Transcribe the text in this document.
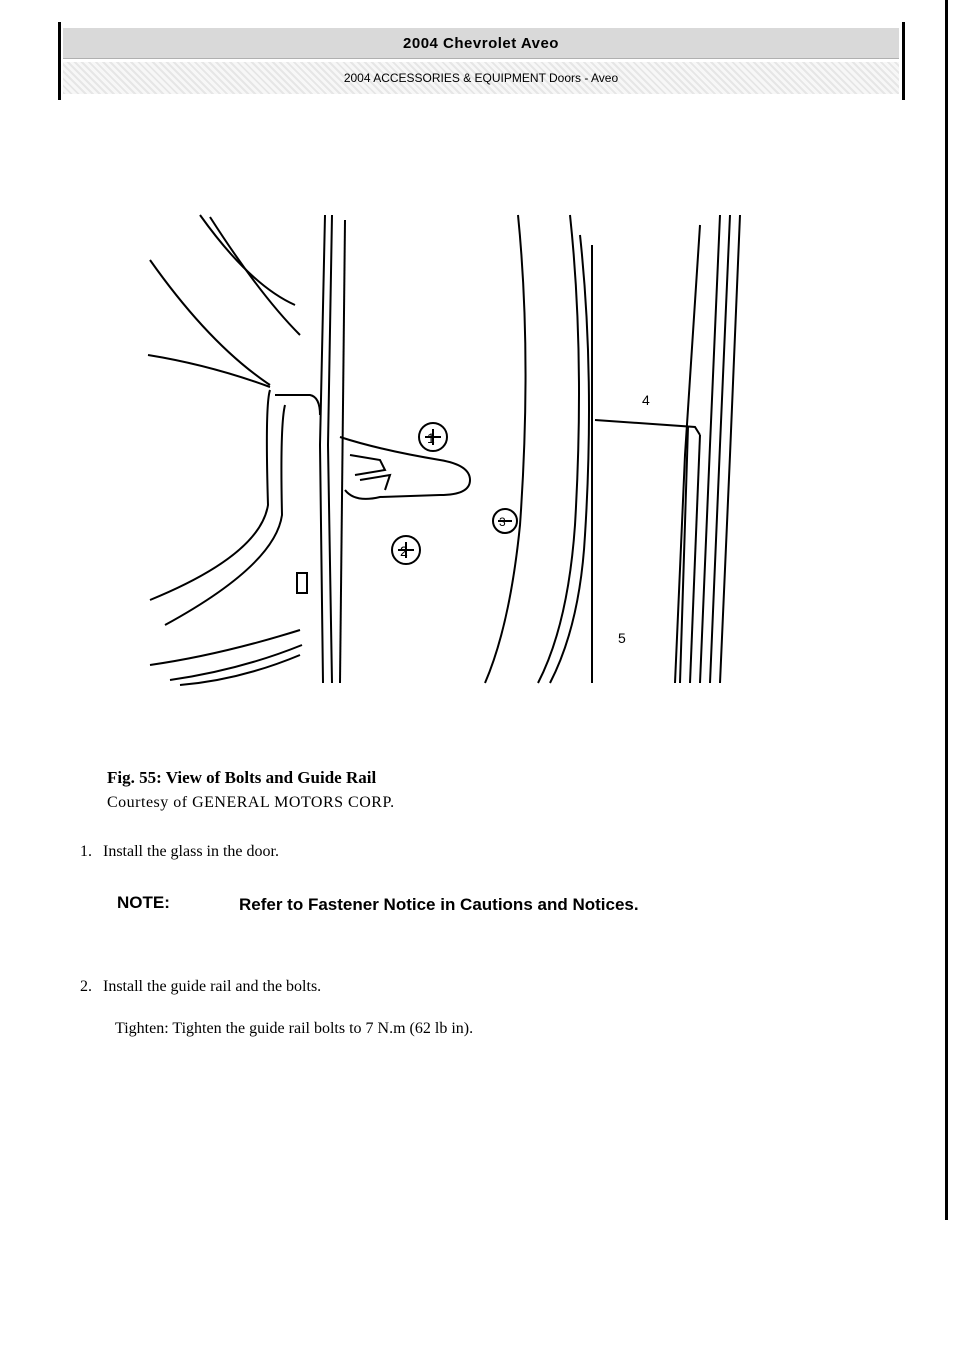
2004 Chevrolet Aveo
2004 ACCESSORIES & EQUIPMENT Doors - Aveo
1
2
3
4
5
Fig. 55: View of Bolts and Guide Rail
Courtesy of GENERAL MOTORS CORP.
1. Install the glass in the door.
NOTE:	Refer to Fastener Notice in Cautions and Notices.
2. Install the guide rail and the bolts.
Tighten: Tighten the guide rail bolts to 7 N.m (62 lb in).
